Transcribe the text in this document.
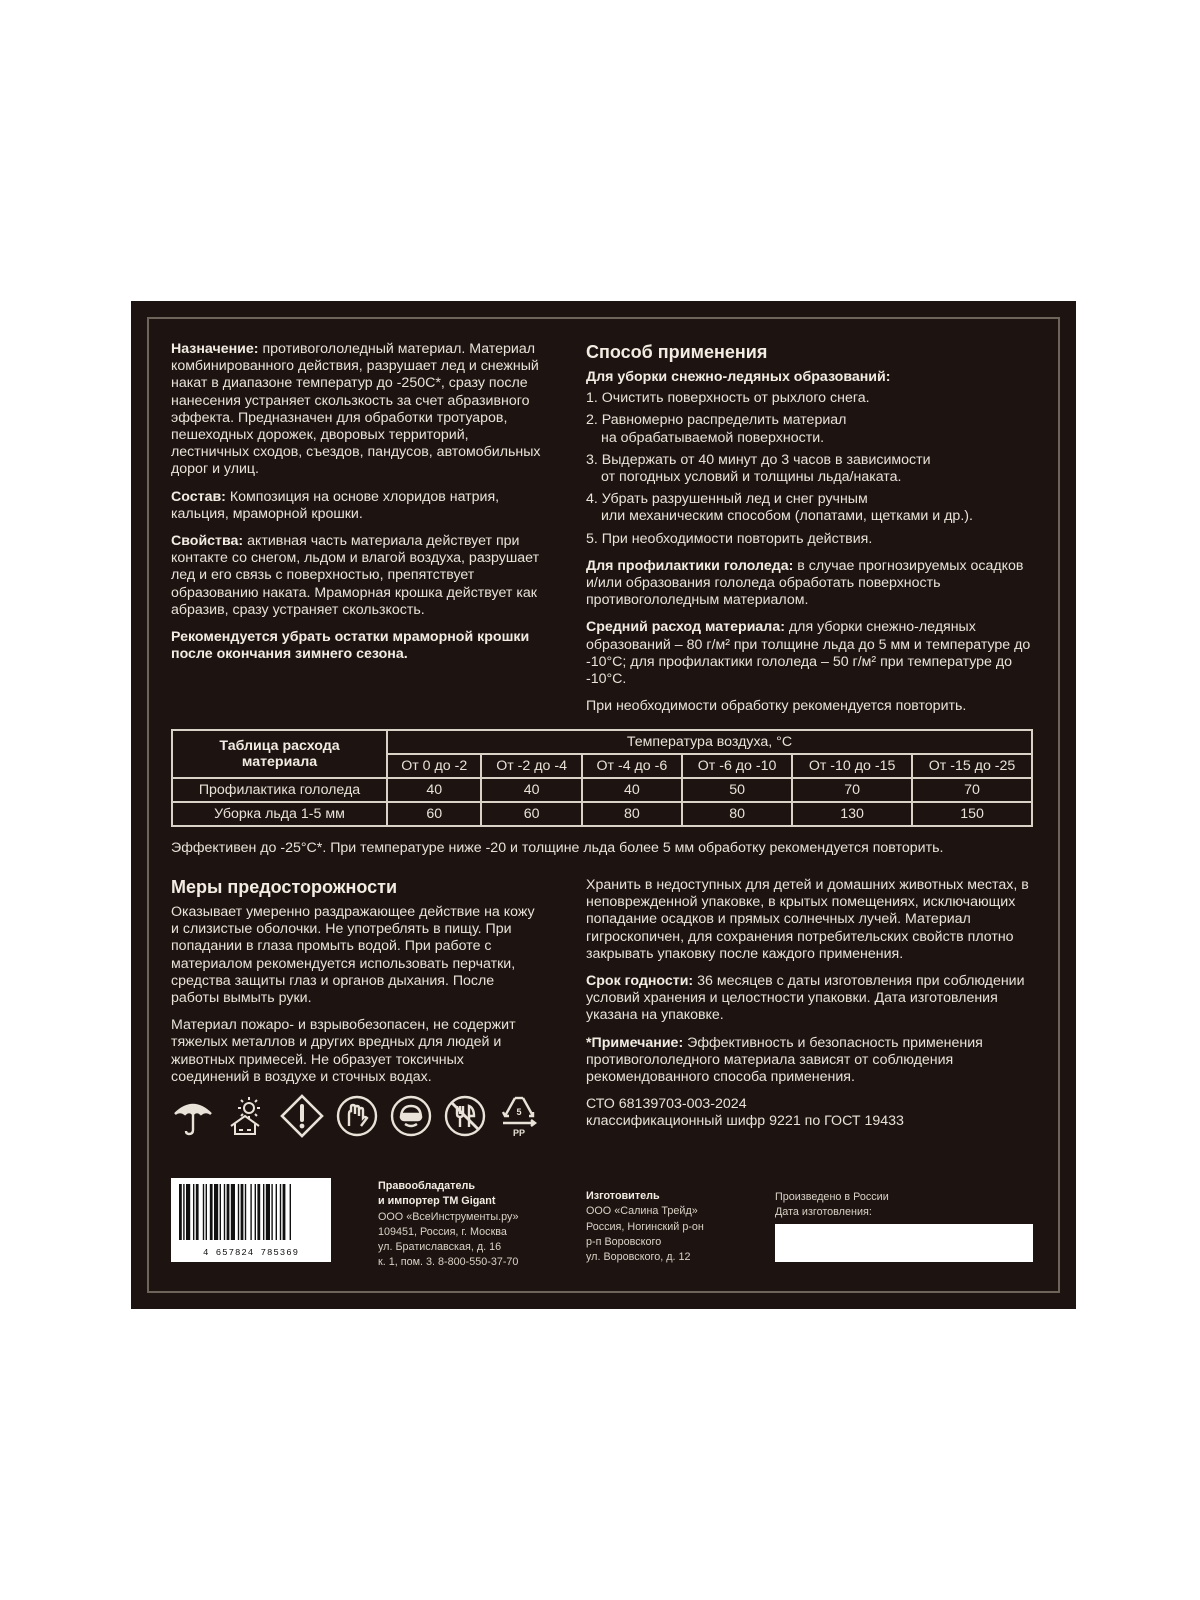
Назначение: противогололедный материал. Материал комбинированного действия, разрушает лед и снежный накат в диапазоне температур до -250С*, сразу после нанесения устраняет скользкость за счет абразивного эффекта. Предназначен для обработки тротуаров, пешеходных дорожек, дворовых территорий, лестничных сходов, съездов, пандусов, автомобильных дорог и улиц.

Состав: Композиция на основе хлоридов натрия, кальция, мраморной крошки.

Свойства: активная часть материала действует при контакте со снегом, льдом и влагой воздуха, разрушает лед и его связь с поверхностью, препятствует образованию наката. Мраморная крошка действует как абразив, сразу устраняет скользкость.

Рекомендуется убрать остатки мраморной крошки после окончания зимнего сезона.

Способ применения

Для уборки снежно-ледяных образований:

1. Очистить поверхность от рыхлого снега.
2. Равномерно распределить материал
на обрабатываемой поверхности.
3. Выдержать от 40 минут до 3 часов в зависимости
от погодных условий и толщины льда/наката.
4. Убрать разрушенный лед и снег ручным
или механическим способом (лопатами, щетками и др.).
5. При необходимости повторить действия.

Для профилактики гололеда: в случае прогнозируемых осадков и/или образования гололеда обработать поверхность противогололедным материалом.

Средний расход материала: для уборки снежно-ледяных образований – 80 г/м² при толщине льда до 5 мм и температуре до -10°С; для профилактики гололеда – 50 г/м² при температуре до -10°С.

При необходимости обработку рекомендуется повторить.

Таблица расхода
материала	Температура воздуха, °С					
	От 0 до -2	От -2 до -4	От -4 до -6	От -6 до -10	От -10 до -15	От -15 до -25
Профилактика гололеда	40	40	40	50	70	70
Уборка льда 1-5 мм	60	60	80	80	130	150
Эффективен до -25°С*. При температуре ниже -20 и толщине льда более 5 мм обработку рекомендуется повторить.
Меры предосторожности

Оказывает умеренно раздражающее действие на кожу и слизистые оболочки. Не употреблять в пищу. При попадании в глаза промыть водой. При работе с материалом рекомендуется использовать перчатки, средства защиты глаз и органов дыхания. После работы вымыть руки.

Материал пожаро- и взрывобезопасен, не содержит тяжелых металлов и других вредных для людей и животных примесей. Не образует токсичных соединений в воздухе и сточных водах.

Хранить в недоступных для детей и домашних животных местах, в неповрежденной упаковке, в крытых помещениях, исключающих попадание осадков и прямых солнечных лучей. Материал гигроскопичен, для сохранения потребительских свойств плотно закрывать упаковку после каждого применения.

Срок годности: 36 месяцев с даты изготовления при соблюдении условий хранения и целостности упаковки. Дата изготовления указана на упаковке.

*Примечание: Эффективность и безопасность применения противогололедного материала зависят от соблюдения рекомендованного способа применения.

СТО 68139703-003-2024
классификационный шифр 9221 по ГОСТ 19433

5
PP
4 657824 785369
Правообладатель
и импортер ТМ Gigant
ООО «ВсеИнструменты.ру»
109451, Россия, г. Москва
ул. Братиславская, д. 16
к. 1, пом. 3. 8-800-550-37-70
Изготовитель
ООО «Салина Трейд»
Россия, Ногинский р-он
р-п Воровского
ул. Воровского, д. 12
Произведено в России
Дата изготовления:
